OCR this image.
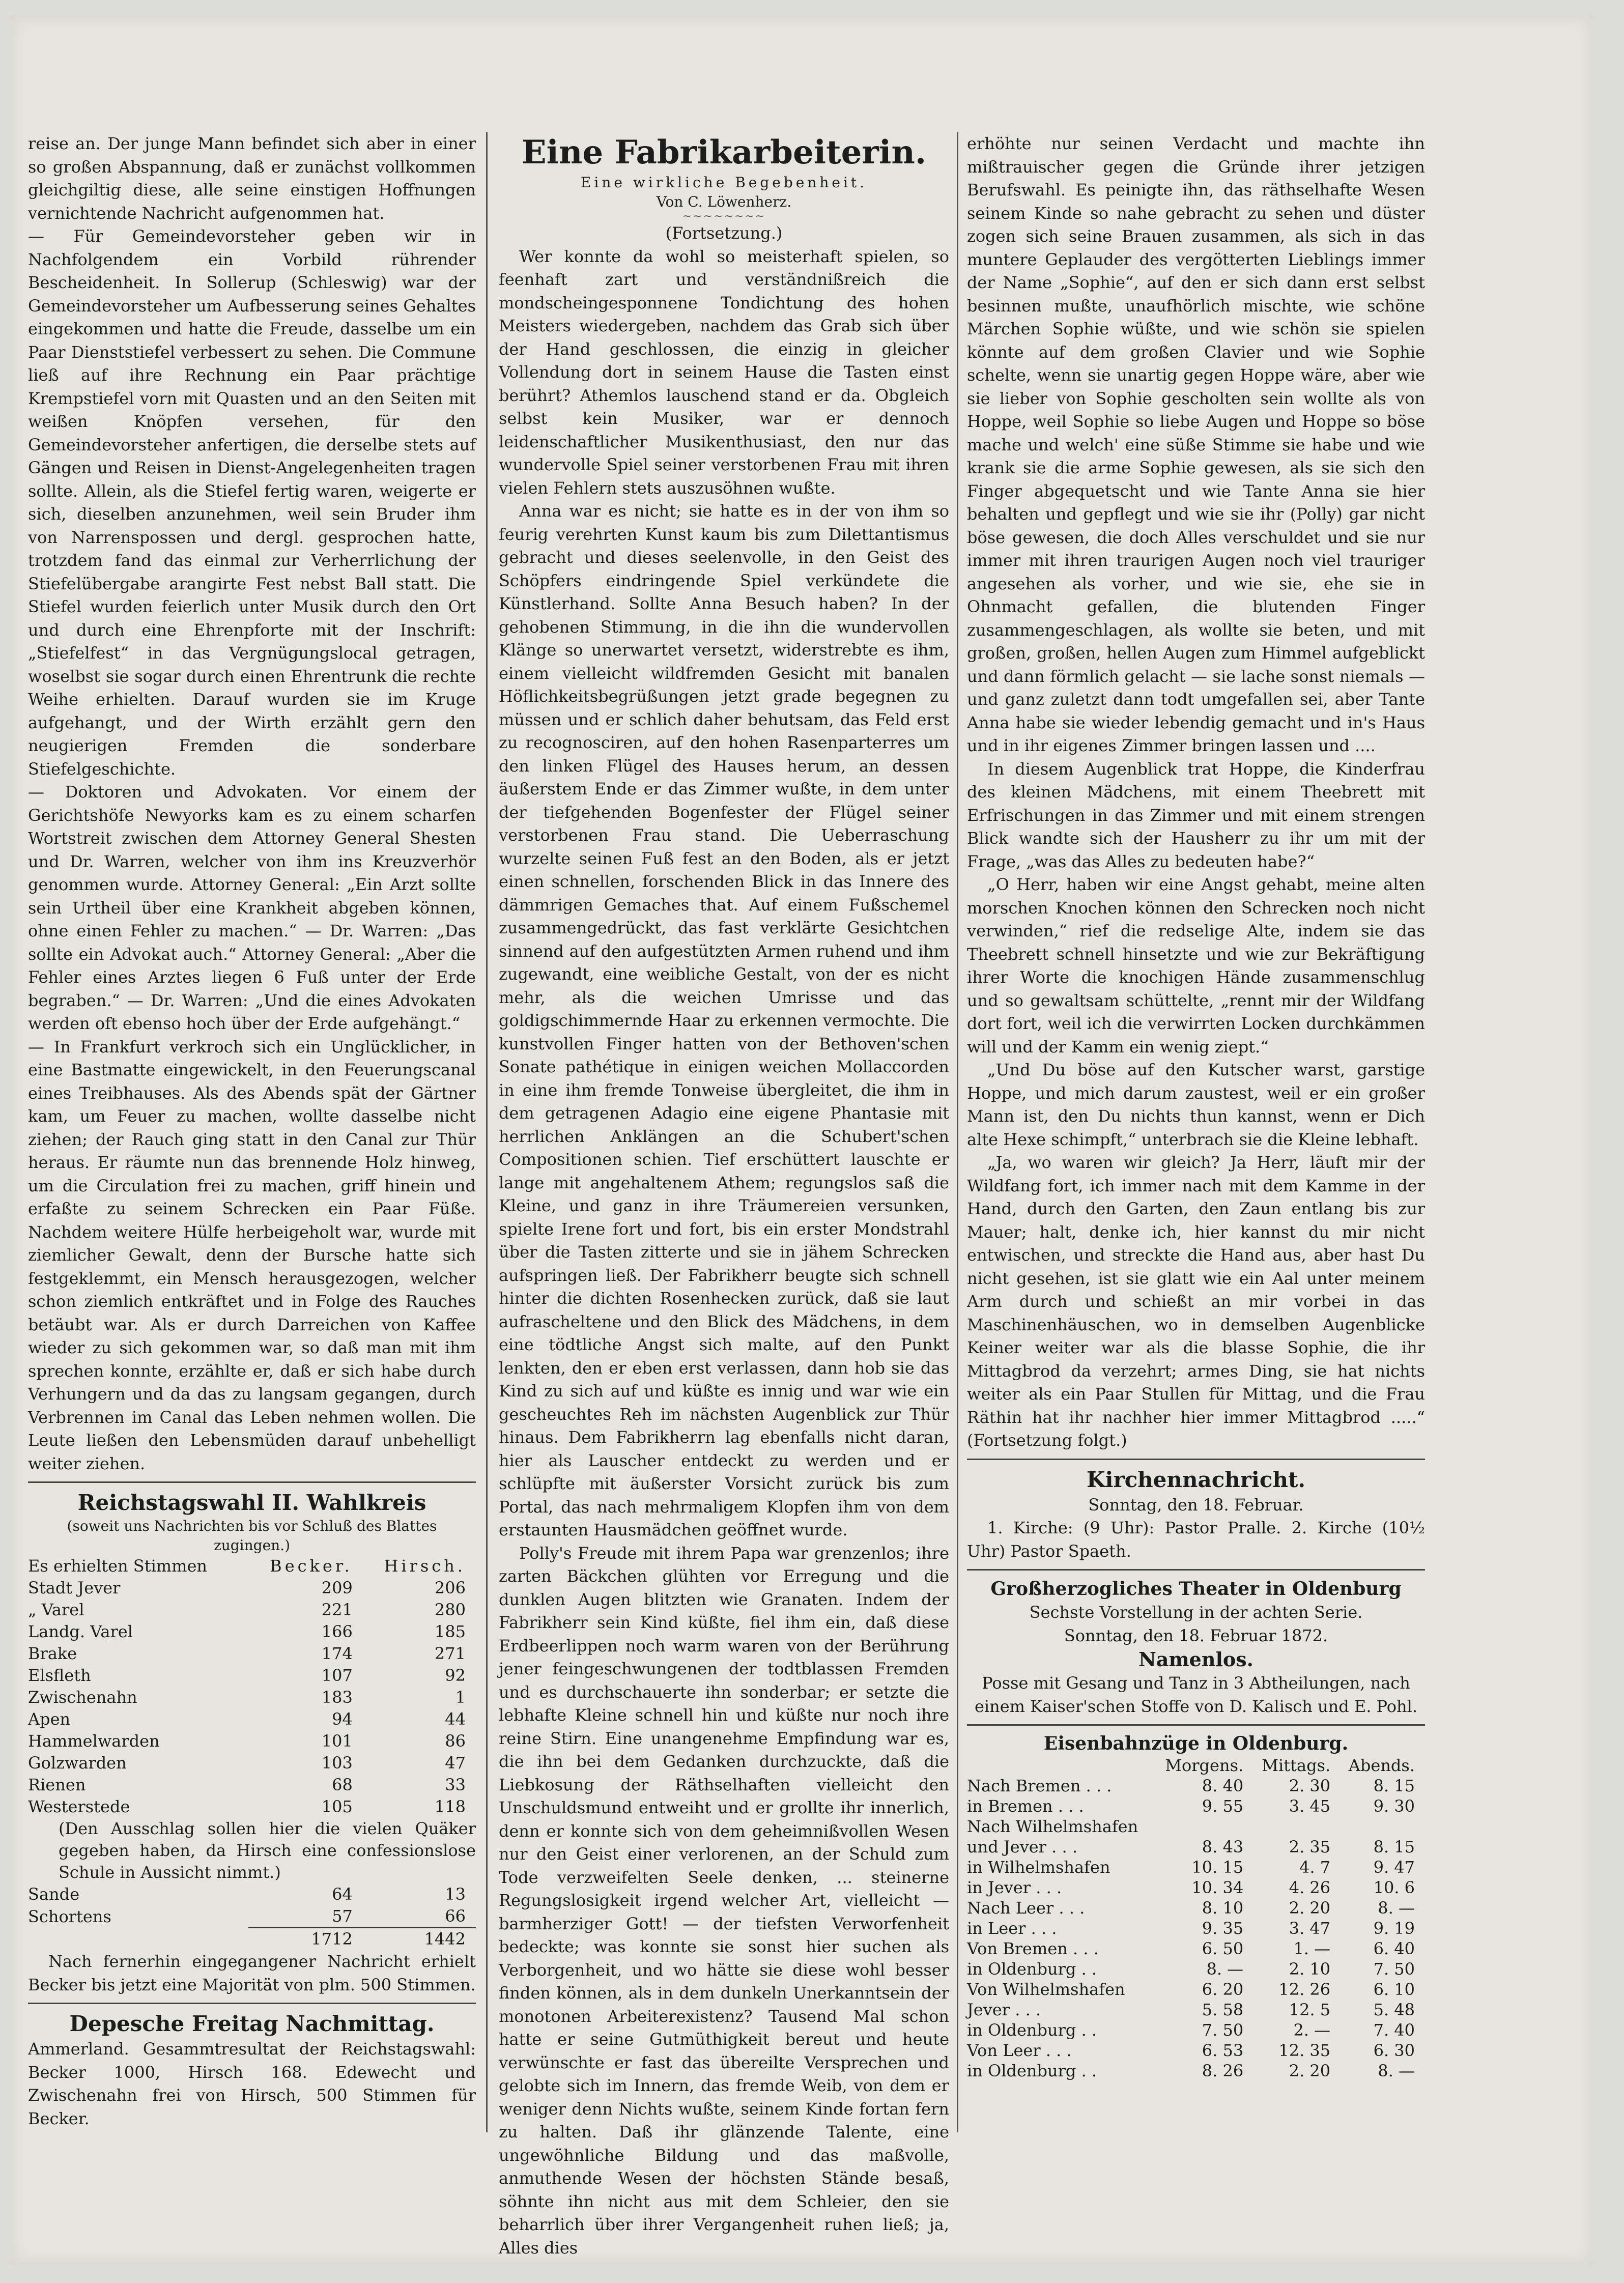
reise an. Der junge Mann befindet sich aber in einer so großen Abspannung, daß er zunächst vollkommen gleichgiltig diese, alle seine einstigen Hoffnungen vernichtende Nachricht aufgenommen hat.

— Für Gemeindevorsteher geben wir in Nachfolgendem ein Vorbild rührender Bescheidenheit. In Sollerup (Schleswig) war der Gemeindevorsteher um Aufbesserung seines Gehaltes eingekommen und hatte die Freude, dasselbe um ein Paar Dienststiefel verbessert zu sehen. Die Commune ließ auf ihre Rechnung ein Paar prächtige Krempstiefel vorn mit Quasten und an den Seiten mit weißen Knöpfen versehen, für den Gemeindevorsteher anfertigen, die derselbe stets auf Gängen und Reisen in Dienst-Angelegenheiten tragen sollte. Allein, als die Stiefel fertig waren, weigerte er sich, dieselben anzunehmen, weil sein Bruder ihm von Narrenspossen und dergl. gesprochen hatte, trotzdem fand das einmal zur Verherrlichung der Stiefelübergabe arangirte Fest nebst Ball statt. Die Stiefel wurden feierlich unter Musik durch den Ort und durch eine Ehrenpforte mit der Inschrift: „Stiefelfest“ in das Vergnügungslocal getragen, woselbst sie sogar durch einen Ehrentrunk die rechte Weihe erhielten. Darauf wurden sie im Kruge aufgehangt, und der Wirth erzählt gern den neugierigen Fremden die sonderbare Stiefelgeschichte.

— Doktoren und Advokaten. Vor einem der Gerichtshöfe Newyorks kam es zu einem scharfen Wortstreit zwischen dem Attorney General Shesten und Dr. Warren, welcher von ihm ins Kreuzverhör genommen wurde. Attorney General: „Ein Arzt sollte sein Urtheil über eine Krankheit abgeben können, ohne einen Fehler zu machen.“ — Dr. Warren: „Das sollte ein Advokat auch.“ Attorney General: „Aber die Fehler eines Arztes liegen 6 Fuß unter der Erde begraben.“ — Dr. Warren: „Und die eines Advokaten werden oft ebenso hoch über der Erde aufgehängt.“

— In Frankfurt verkroch sich ein Unglücklicher, in eine Bastmatte eingewickelt, in den Feuerungscanal eines Treibhauses. Als des Abends spät der Gärtner kam, um Feuer zu machen, wollte dasselbe nicht ziehen; der Rauch ging statt in den Canal zur Thür heraus. Er räumte nun das brennende Holz hinweg, um die Circulation frei zu machen, griff hinein und erfaßte zu seinem Schrecken ein Paar Füße. Nachdem weitere Hülfe herbeigeholt war, wurde mit ziemlicher Gewalt, denn der Bursche hatte sich festgeklemmt, ein Mensch herausgezogen, welcher schon ziemlich entkräftet und in Folge des Rauches betäubt war. Als er durch Darreichen von Kaffee wieder zu sich gekommen war, so daß man mit ihm sprechen konnte, erzählte er, daß er sich habe durch Verhungern und da das zu langsam gegangen, durch Verbrennen im Canal das Leben nehmen wollen. Die Leute ließen den Lebensmüden darauf unbehelligt weiter ziehen.

Reichstagswahl II. Wahlkreis
(soweit uns Nachrichten bis vor Schluß des Blattes zugingen.)
Es erhielten Stimmen	Becker.	Hirsch.
Stadt Jever	209	206
„ Varel	221	280
Landg. Varel	166	185
Brake	174	271
Elsfleth	107	92
Zwischenahn	183	1
Apen	94	44
Hammelwarden	101	86
Golzwarden	103	47
Rienen	68	33
Westerstede	105	118
(Den Ausschlag sollen hier die vielen Quäker gegeben haben, da Hirsch eine confessionslose Schule in Aussicht nimmt.)		
Sande	64	13
Schortens	57	66
	1712	1442

Nach fernerhin eingegangener Nachricht erhielt Becker bis jetzt eine Majorität von plm. 500 Stimmen.

Depesche Freitag Nachmittag.

Ammerland. Gesammtresultat der Reichstagswahl: Becker 1000, Hirsch 168. Edewecht und Zwischenahn frei von Hirsch, 500 Stimmen für Becker.

Eine Fabrikarbeiterin.
Eine wirkliche Begebenheit.
Von C. Löwenherz.
~~~~~~~~
(Fortsetzung.)

Wer konnte da wohl so meisterhaft spielen, so feenhaft zart und verständnißreich die mondscheingesponnene Tondichtung des hohen Meisters wiedergeben, nachdem das Grab sich über der Hand geschlossen, die einzig in gleicher Vollendung dort in seinem Hause die Tasten einst berührt? Athemlos lauschend stand er da. Obgleich selbst kein Musiker, war er dennoch leidenschaftlicher Musikenthusiast, den nur das wundervolle Spiel seiner verstorbenen Frau mit ihren vielen Fehlern stets auszusöhnen wußte.

Anna war es nicht; sie hatte es in der von ihm so feurig verehrten Kunst kaum bis zum Dilettantismus gebracht und dieses seelenvolle, in den Geist des Schöpfers eindringende Spiel verkündete die Künstlerhand. Sollte Anna Besuch haben? In der gehobenen Stimmung, in die ihn die wundervollen Klänge so unerwartet versetzt, widerstrebte es ihm, einem vielleicht wildfremden Gesicht mit banalen Höflichkeitsbegrüßungen jetzt grade begegnen zu müssen und er schlich daher behutsam, das Feld erst zu recognosciren, auf den hohen Rasenparterres um den linken Flügel des Hauses herum, an dessen äußerstem Ende er das Zimmer wußte, in dem unter der tiefgehenden Bogenfester der Flügel seiner verstorbenen Frau stand. Die Ueberraschung wurzelte seinen Fuß fest an den Boden, als er jetzt einen schnellen, forschenden Blick in das Innere des dämmrigen Gemaches that. Auf einem Fußschemel zusammengedrückt, das fast verklärte Gesichtchen sinnend auf den aufgestützten Armen ruhend und ihm zugewandt, eine weibliche Gestalt, von der es nicht mehr, als die weichen Umrisse und das goldigschimmernde Haar zu erkennen vermochte. Die kunstvollen Finger hatten von der Bethoven'schen Sonate pathétique in einigen weichen Mollaccorden in eine ihm fremde Tonweise übergleitet, die ihm in dem getragenen Adagio eine eigene Phantasie mit herrlichen Anklängen an die Schubert'schen Compositionen schien. Tief erschüttert lauschte er lange mit angehaltenem Athem; regungslos saß die Kleine, und ganz in ihre Träumereien versunken, spielte Irene fort und fort, bis ein erster Mondstrahl über die Tasten zitterte und sie in jähem Schrecken aufspringen ließ. Der Fabrikherr beugte sich schnell hinter die dichten Rosenhecken zurück, daß sie laut aufrascheltene und den Blick des Mädchens, in dem eine tödtliche Angst sich malte, auf den Punkt lenkten, den er eben erst verlassen, dann hob sie das Kind zu sich auf und küßte es innig und war wie ein gescheuchtes Reh im nächsten Augenblick zur Thür hinaus. Dem Fabrikherrn lag ebenfalls nicht daran, hier als Lauscher entdeckt zu werden und er schlüpfte mit äußerster Vorsicht zurück bis zum Portal, das nach mehrmaligem Klopfen ihm von dem erstaunten Hausmädchen geöffnet wurde.

Polly's Freude mit ihrem Papa war grenzenlos; ihre zarten Bäckchen glühten vor Erregung und die dunklen Augen blitzten wie Granaten. Indem der Fabrikherr sein Kind küßte, fiel ihm ein, daß diese Erdbeerlippen noch warm waren von der Berührung jener feingeschwungenen der todtblassen Fremden und es durchschauerte ihn sonderbar; er setzte die lebhafte Kleine schnell hin und küßte nur noch ihre reine Stirn. Eine unangenehme Empfindung war es, die ihn bei dem Gedanken durchzuckte, daß die Liebkosung der Räthselhaften vielleicht den Unschuldsmund entweiht und er grollte ihr innerlich, denn er konnte sich von dem geheimnißvollen Wesen nur den Geist einer verlorenen, an der Schuld zum Tode verzweifelten Seele denken, ... steinerne Regungslosigkeit irgend welcher Art, vielleicht — barmherziger Gott! — der tiefsten Verworfenheit bedeckte; was konnte sie sonst hier suchen als Verborgenheit, und wo hätte sie diese wohl besser finden können, als in dem dunkeln Unerkanntsein der monotonen Arbeiterexistenz? Tausend Mal schon hatte er seine Gutmüthigkeit bereut und heute verwünschte er fast das übereilte Versprechen und gelobte sich im Innern, das fremde Weib, von dem er weniger denn Nichts wußte, seinem Kinde fortan fern zu halten. Daß ihr glänzende Talente, eine ungewöhnliche Bildung und das maßvolle, anmuthende Wesen der höchsten Stände besaß, söhnte ihn nicht aus mit dem Schleier, den sie beharrlich über ihrer Vergangenheit ruhen ließ; ja, Alles dies

erhöhte nur seinen Verdacht und machte ihn mißtrauischer gegen die Gründe ihrer jetzigen Berufswahl. Es peinigte ihn, das räthselhafte Wesen seinem Kinde so nahe gebracht zu sehen und düster zogen sich seine Brauen zusammen, als sich in das muntere Geplauder des vergötterten Lieblings immer der Name „Sophie“, auf den er sich dann erst selbst besinnen mußte, unaufhörlich mischte, wie schöne Märchen Sophie wüßte, und wie schön sie spielen könnte auf dem großen Clavier und wie Sophie schelte, wenn sie unartig gegen Hoppe wäre, aber wie sie lieber von Sophie gescholten sein wollte als von Hoppe, weil Sophie so liebe Augen und Hoppe so böse mache und welch' eine süße Stimme sie habe und wie krank sie die arme Sophie gewesen, als sie sich den Finger abgequetscht und wie Tante Anna sie hier behalten und gepflegt und wie sie ihr (Polly) gar nicht böse gewesen, die doch Alles verschuldet und sie nur immer mit ihren traurigen Augen noch viel trauriger angesehen als vorher, und wie sie, ehe sie in Ohnmacht gefallen, die blutenden Finger zusammengeschlagen, als wollte sie beten, und mit großen, großen, hellen Augen zum Himmel aufgeblickt und dann förmlich gelacht — sie lache sonst niemals — und ganz zuletzt dann todt umgefallen sei, aber Tante Anna habe sie wieder lebendig gemacht und in's Haus und in ihr eigenes Zimmer bringen lassen und ....

In diesem Augenblick trat Hoppe, die Kinderfrau des kleinen Mädchens, mit einem Theebrett mit Erfrischungen in das Zimmer und mit einem strengen Blick wandte sich der Hausherr zu ihr um mit der Frage, „was das Alles zu bedeuten habe?“

„O Herr, haben wir eine Angst gehabt, meine alten morschen Knochen können den Schrecken noch nicht verwinden,“ rief die redselige Alte, indem sie das Theebrett schnell hinsetzte und wie zur Bekräftigung ihrer Worte die knochigen Hände zusammenschlug und so gewaltsam schüttelte, „rennt mir der Wildfang dort fort, weil ich die verwirrten Locken durchkämmen will und der Kamm ein wenig ziept.“

„Und Du böse auf den Kutscher warst, garstige Hoppe, und mich darum zaustest, weil er ein großer Mann ist, den Du nichts thun kannst, wenn er Dich alte Hexe schimpft,“ unterbrach sie die Kleine lebhaft.

„Ja, wo waren wir gleich? Ja Herr, läuft mir der Wildfang fort, ich immer nach mit dem Kamme in der Hand, durch den Garten, den Zaun entlang bis zur Mauer; halt, denke ich, hier kannst du mir nicht entwischen, und streckte die Hand aus, aber hast Du nicht gesehen, ist sie glatt wie ein Aal unter meinem Arm durch und schießt an mir vorbei in das Maschinenhäuschen, wo in demselben Augenblicke Keiner weiter war als die blasse Sophie, die ihr Mittagbrod da verzehrt; armes Ding, sie hat nichts weiter als ein Paar Stullen für Mittag, und die Frau Räthin hat ihr nachher hier immer Mittagbrod .....“ (Fortsetzung folgt.)

Kirchennachricht.
Sonntag, den 18. Februar.

1. Kirche: (9 Uhr): Pastor Pralle. 2. Kirche (10½ Uhr) Pastor Spaeth.

Großherzogliches Theater in Oldenburg
Sechste Vorstellung in der achten Serie.
Sonntag, den 18. Februar 1872.
Namenlos.

Posse mit Gesang und Tanz in 3 Abtheilungen, nach einem Kaiser'schen Stoffe von D. Kalisch und E. Pohl.

Eisenbahnzüge in Oldenburg.
	Morgens.	Mittags.	Abends.
Nach Bremen . . .	8. 40	2. 30	8. 15
in Bremen . . .	9. 55	3. 45	9. 30
Nach Wilhelmshafen			
und Jever . . .	8. 43	2. 35	8. 15
in Wilhelmshafen	10. 15	4. 7	9. 47
in Jever . . .	10. 34	4. 26	10. 6
Nach Leer . . .	8. 10	2. 20	8. —
in Leer . . .	9. 35	3. 47	9. 19
Von Bremen . . .	6. 50	1. —	6. 40
in Oldenburg . .	8. —	2. 10	7. 50
Von Wilhelmshafen	6. 20	12. 26	6. 10
Jever . . .	5. 58	12. 5	5. 48
in Oldenburg . .	7. 50	2. —	7. 40
Von Leer . . .	6. 53	12. 35	6. 30
in Oldenburg . .	8. 26	2. 20	8. —
